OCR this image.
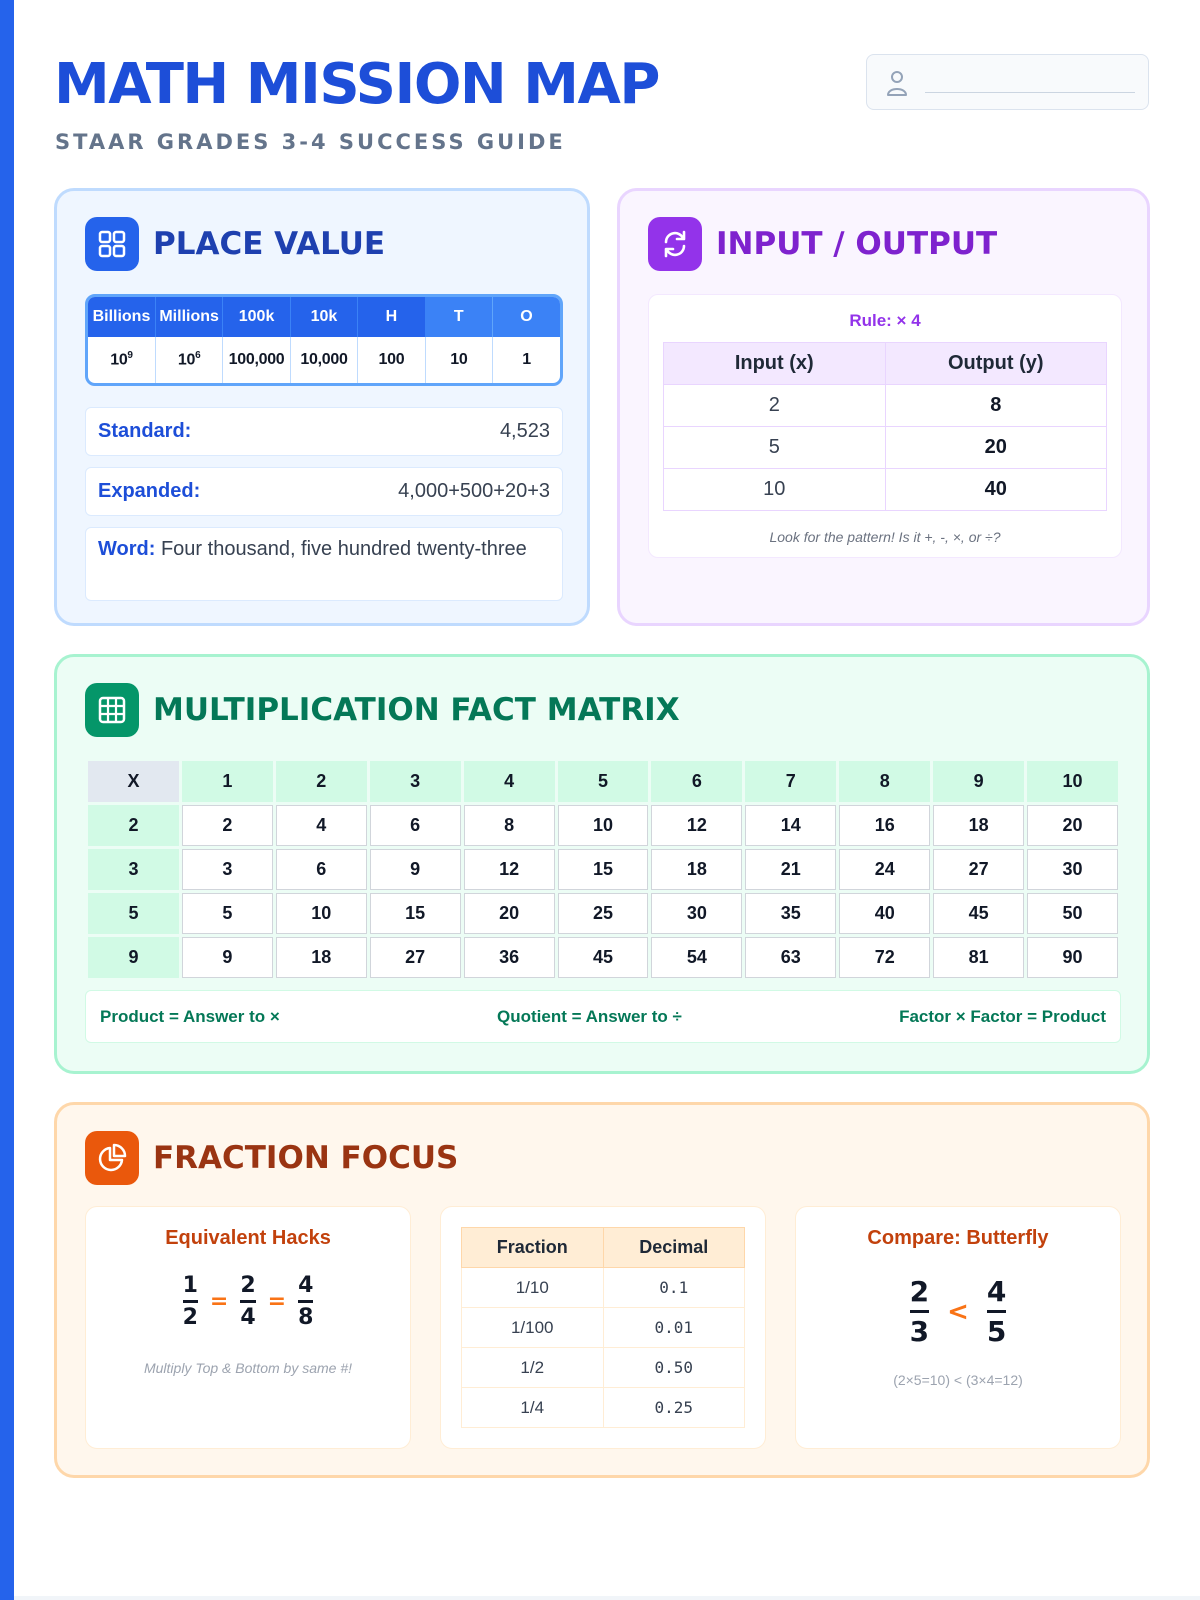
MATH MISSION MAP
STAAR GRADES 3-4 SUCCESS GUIDE
PLACE VALUE
Billions	Millions	100k	10k	H	T	O
$10^9$	$10^6$	100,000	10,000	100	10	1
Standard:	4,523
Expanded:	4,000+500+20+3
Word: Four thousand, five hundred twenty-three
INPUT / OUTPUT
Rule: × 4
Input (x)	Output (y)
2	8
5	20
10	40
Look for the pattern! Is it +, -, ×, or ÷?
MULTIPLICATION FACT MATRIX
X	1	2	3	4	5	6	7	8	9	10
2	2	4	6	8	10	12	14	16	18	20
3	3	6	9	12	15	18	21	24	27	30
5	5	10	15	20	25	30	35	40	45	50
9	9	18	27	36	45	54	63	72	81	90
Product = Answer to ×	Quotient = Answer to ÷	Factor × Factor = Product
FRACTION FOCUS
Equivalent Hacks
1
2
=
2
4
=
4
8
Multiply Top & Bottom by same #!
Fraction	Decimal
1/10	0.1
1/100	0.01
1/2	0.50
1/4	0.25
Compare: Butterfly
2
3
<
4
5
(2×5=10) < (3×4=12)
